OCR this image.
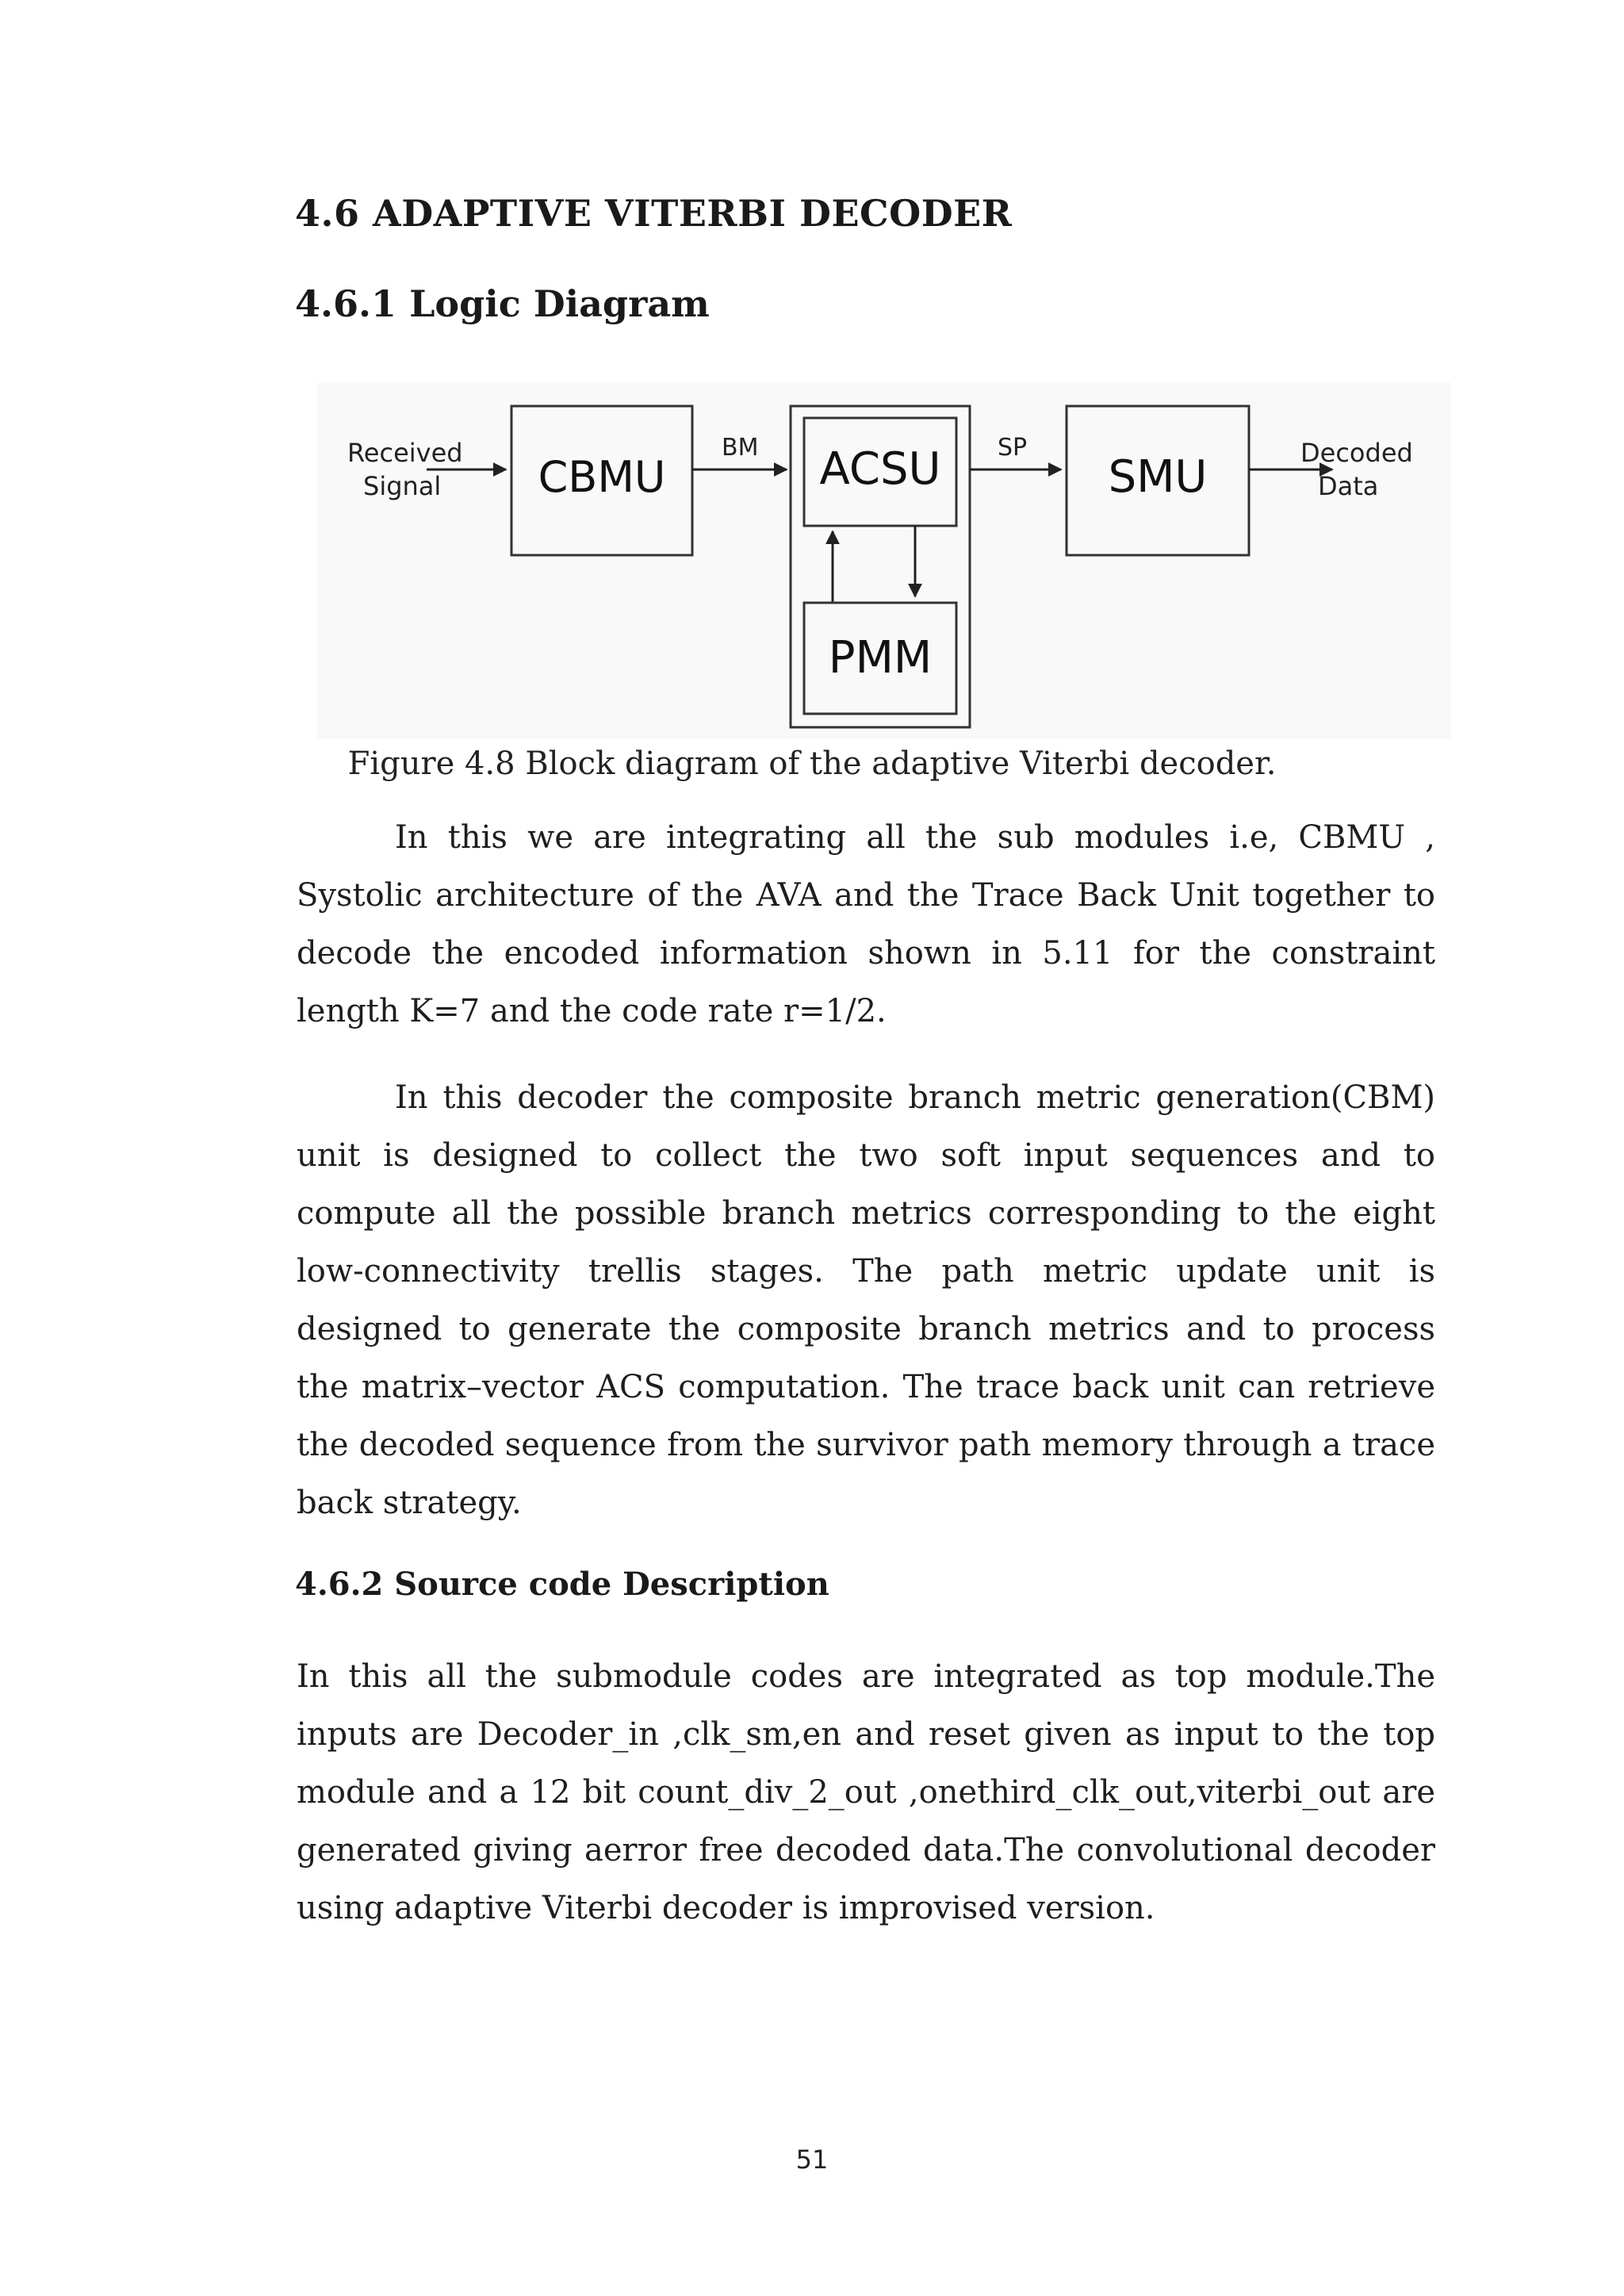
4.6 ADAPTIVE VITERBI DECODER
4.6.1 Logic Diagram
Received
Signal CBMU
BM ACSU
PMM
SP
SMU	Decoded
Data
Figure 4.8 Block diagram of the adaptive Viterbi decoder.

In this we are integrating all the sub modules i.e, CBMU , Systolic architecture of the AVA and the Trace Back Unit together to decode the encoded information shown in 5.11 for the constraint length K=7 and the code rate r=1/2.

In this decoder the composite branch metric generation(CBM) unit is designed to collect the two soft input sequences and to compute all the possible branch metrics corresponding to the eight low-connectivity trellis stages. The path metric update unit is designed to generate the composite branch metrics and to process the matrix–vector ACS computation. The trace back unit can retrieve the decoded sequence from the survivor path memory through a trace back strategy.

4.6.2 Source code Description

In this all the submodule codes are integrated as top module.The inputs are Decoder_in ,clk_sm,en and reset given as input to the top module and a 12 bit count_div_2_out ,onethird_clk_out,viterbi_out are generated giving aerror free decoded data.The convolutional decoder using adaptive Viterbi decoder is improvised version.

51
